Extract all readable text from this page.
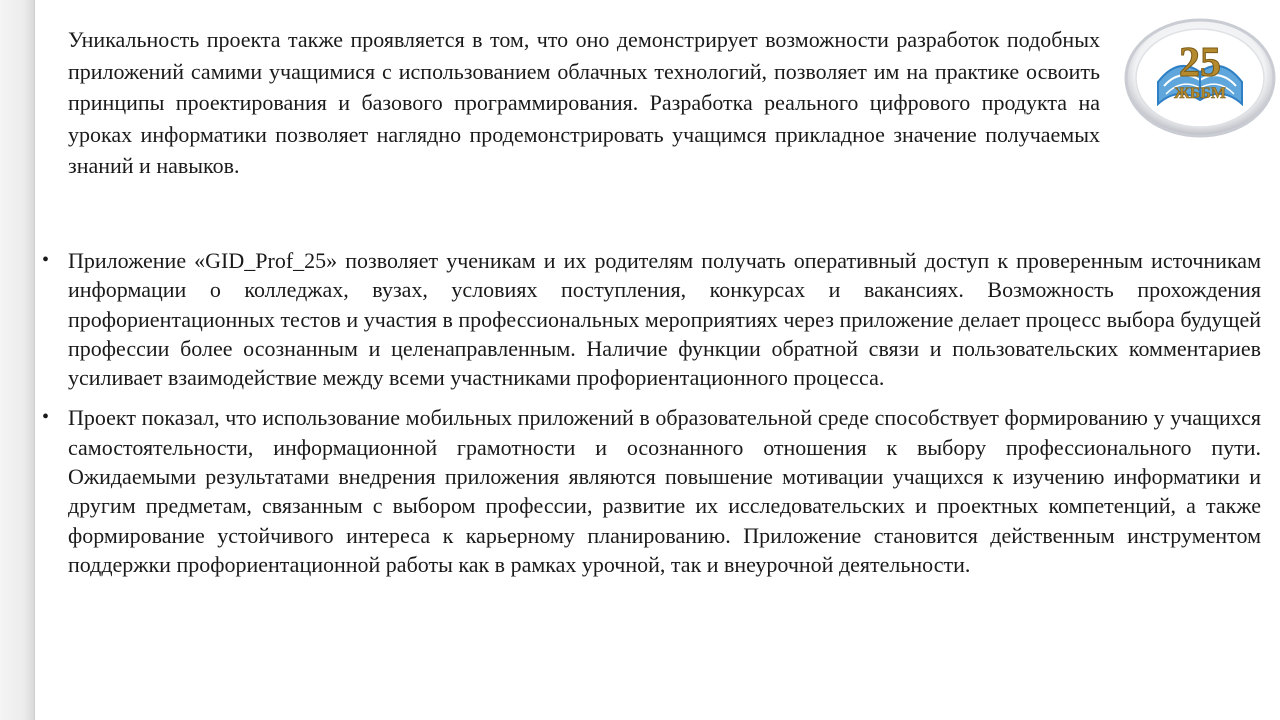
Уникальность проекта также проявляется в том, что оно демонстрирует возможности разработок подобных приложений самими учащимися с использованием облачных технологий, позволяет им на практике освоить принципы проектирования и базового программирования. Разработка реального цифрового продукта на уроках информатики позволяет наглядно продемонстрировать учащимся прикладное значение получаемых знаний и навыков.

• Приложение «GID_Prof_25» позволяет ученикам и их родителям получать оперативный доступ к проверенным источникам информации о колледжах, вузах, условиях поступления, конкурсах и вакансиях. Возможность прохождения профориентационных тестов и участия в профессиональных мероприятиях через приложение делает процесс выбора будущей профессии более осознанным и целенаправленным. Наличие функции обратной связи и пользовательских комментариев усиливает взаимодействие между всеми участниками профориентационного процесса.
• Проект показал, что использование мобильных приложений в образовательной среде способствует формированию у учащихся самостоятельности, информационной грамотности и осознанного отношения к выбору профессионального пути. Ожидаемыми результатами внедрения приложения являются повышение мотивации учащихся к изучению информатики и другим предметам, связанным с выбором профессии, развитие их исследовательских и проектных компетенций, а также формирование устойчивого интереса к карьерному планированию. Приложение становится действенным инструментом поддержки профориентационной работы как в рамках урочной, так и внеурочной деятельности.
25
ЖББМ
